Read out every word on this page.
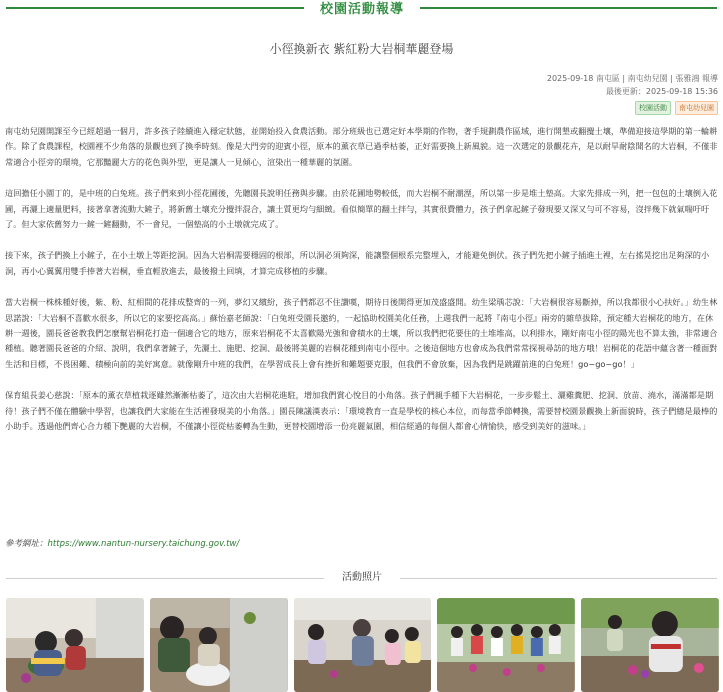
校園活動報導
小徑換新衣 紫紅粉大岩桐華麗登場
2025-09-18 南屯區 | 南屯幼兒園 | 張雅鴻 報導
最後更新：2025-09-18 15:36
校園活動	南屯幼兒園

南屯幼兒園開課至今已經超過一個月，許多孩子陸續進入穩定狀態，並開始投入食農活動。部分班級也已選定好本學期的作物，著手規劃農作區域，進行開墾或翻攪土壤，準備迎接這學期的第一輪耕作。除了食農課程，校園裡不少角落的景觀也到了換季時刻。像是大門旁的迎賓小徑，原本的薰衣草已過季枯萎，正好需要換上新風貌。這一次選定的景觀花卉，是以耐旱耐陰聞名的大岩桐，不僅非常適合小徑旁的環境，它那豔麗大方的花色與外型，更是讓人一見傾心，渲染出一種華麗的氛圍。

這回擔任小園丁的，是中班的白兔班。孩子們來到小徑花圃後，先聽園長說明任務與步驟。由於花圃地勢較低，而大岩桐不耐潮溼，所以第一步是堆土墊高。大家先排成一列，把一包包的土壤倒入花圃，再灑上適量肥料，接著拿著流動大鏟子，將新舊土壤充分攪拌混合，讓土質更均勻細緻。看似簡單的翻土拌勻，其實很費體力，孩子們拿起鏟子發現要又深又勻可不容易，沒拌幾下就氣喘吁吁了。但大家依舊努力一鏟一鏟翻動，不一會兒，一個墊高的小土墩就完成了。

接下來，孩子們換上小鏟子，在小土墩上等距挖洞。因為大岩桐需要穩固的根部，所以洞必須夠深，能讓整個根系完整埋入，才能避免倒伏。孩子們先把小鏟子插進土裡，左右搖晃挖出足夠深的小洞，再小心翼翼用雙手捧著大岩桐，垂直輕放進去，最後撥土回填，才算完成移植的步驟。

當大岩桐一株株種好後，紫、粉、紅相間的花排成整齊的一列，夢幻又繽紛，孩子們都忍不住讚嘆，期待日後開得更加茂盛盛開。幼生梁瑀芯說：「大岩桐很容易斷掉，所以我都很小心扶好。」幼生林思諾說：「大岩桐不喜歡水很多，所以它的家要挖高高。」蘇怡嘉老師說：「白兔班受園長邀約，一起協助校園美化任務，上週我們一起將『南屯小徑』兩旁的雜草拔除，預定種大岩桐花的地方，在休耕一週後，園長爸爸教我們怎麼幫岩桐花打造一個適合它的地方，原來岩桐花不太喜歡陽光強和會積水的土壤，所以我們把花要住的土堆堆高，以利排水，剛好南屯小徑的陽光也不算太強，非常適合種植。聽著園長爸爸的介紹、說明，我們拿著鏟子，先灑土、施肥、挖洞、最後將美麗的岩桐花種到南屯小徑中。之後這個地方也會成為我們常常探視尋訪的地方哦！岩桐花的花語中蘊含著一種面對生活和目標，不畏困難、積極向前的美好寓意。就像剛升中班的我們，在學習成長上會有挫折和難題要克服，但我們不會放棄，因為我們是跳躍前進的白兔班！go~go~go！」

保育組長姜心慈說：「原本的薰衣草植栽逐雖然漸漸枯萎了，這次由大岩桐花進駐，增加我們賞心悅目的小角落。孩子們親手種下大岩桐花，一步步鬆土、灑雞糞肥、挖洞、放苗、澆水，滿滿都是期待！孩子們不僅在體驗中學習，也讓我們大家能在生活裡發現美的小角落。」園長陳議漢表示：「環境教育一直是學校的核心本位，而每當季節轉換，需要替校園景觀換上新面貌時，孩子們總是最棒的小助手。透過他們齊心合力種下艷麗的大岩桐，不僅讓小徑從枯萎轉為生動，更替校園增添一份亮麗氣圍，相信經過的每個人都會心情愉快，感受到美好的滋味。」

參考網址：https://www.nantun-nursery.taichung.gov.tw/
活動照片
